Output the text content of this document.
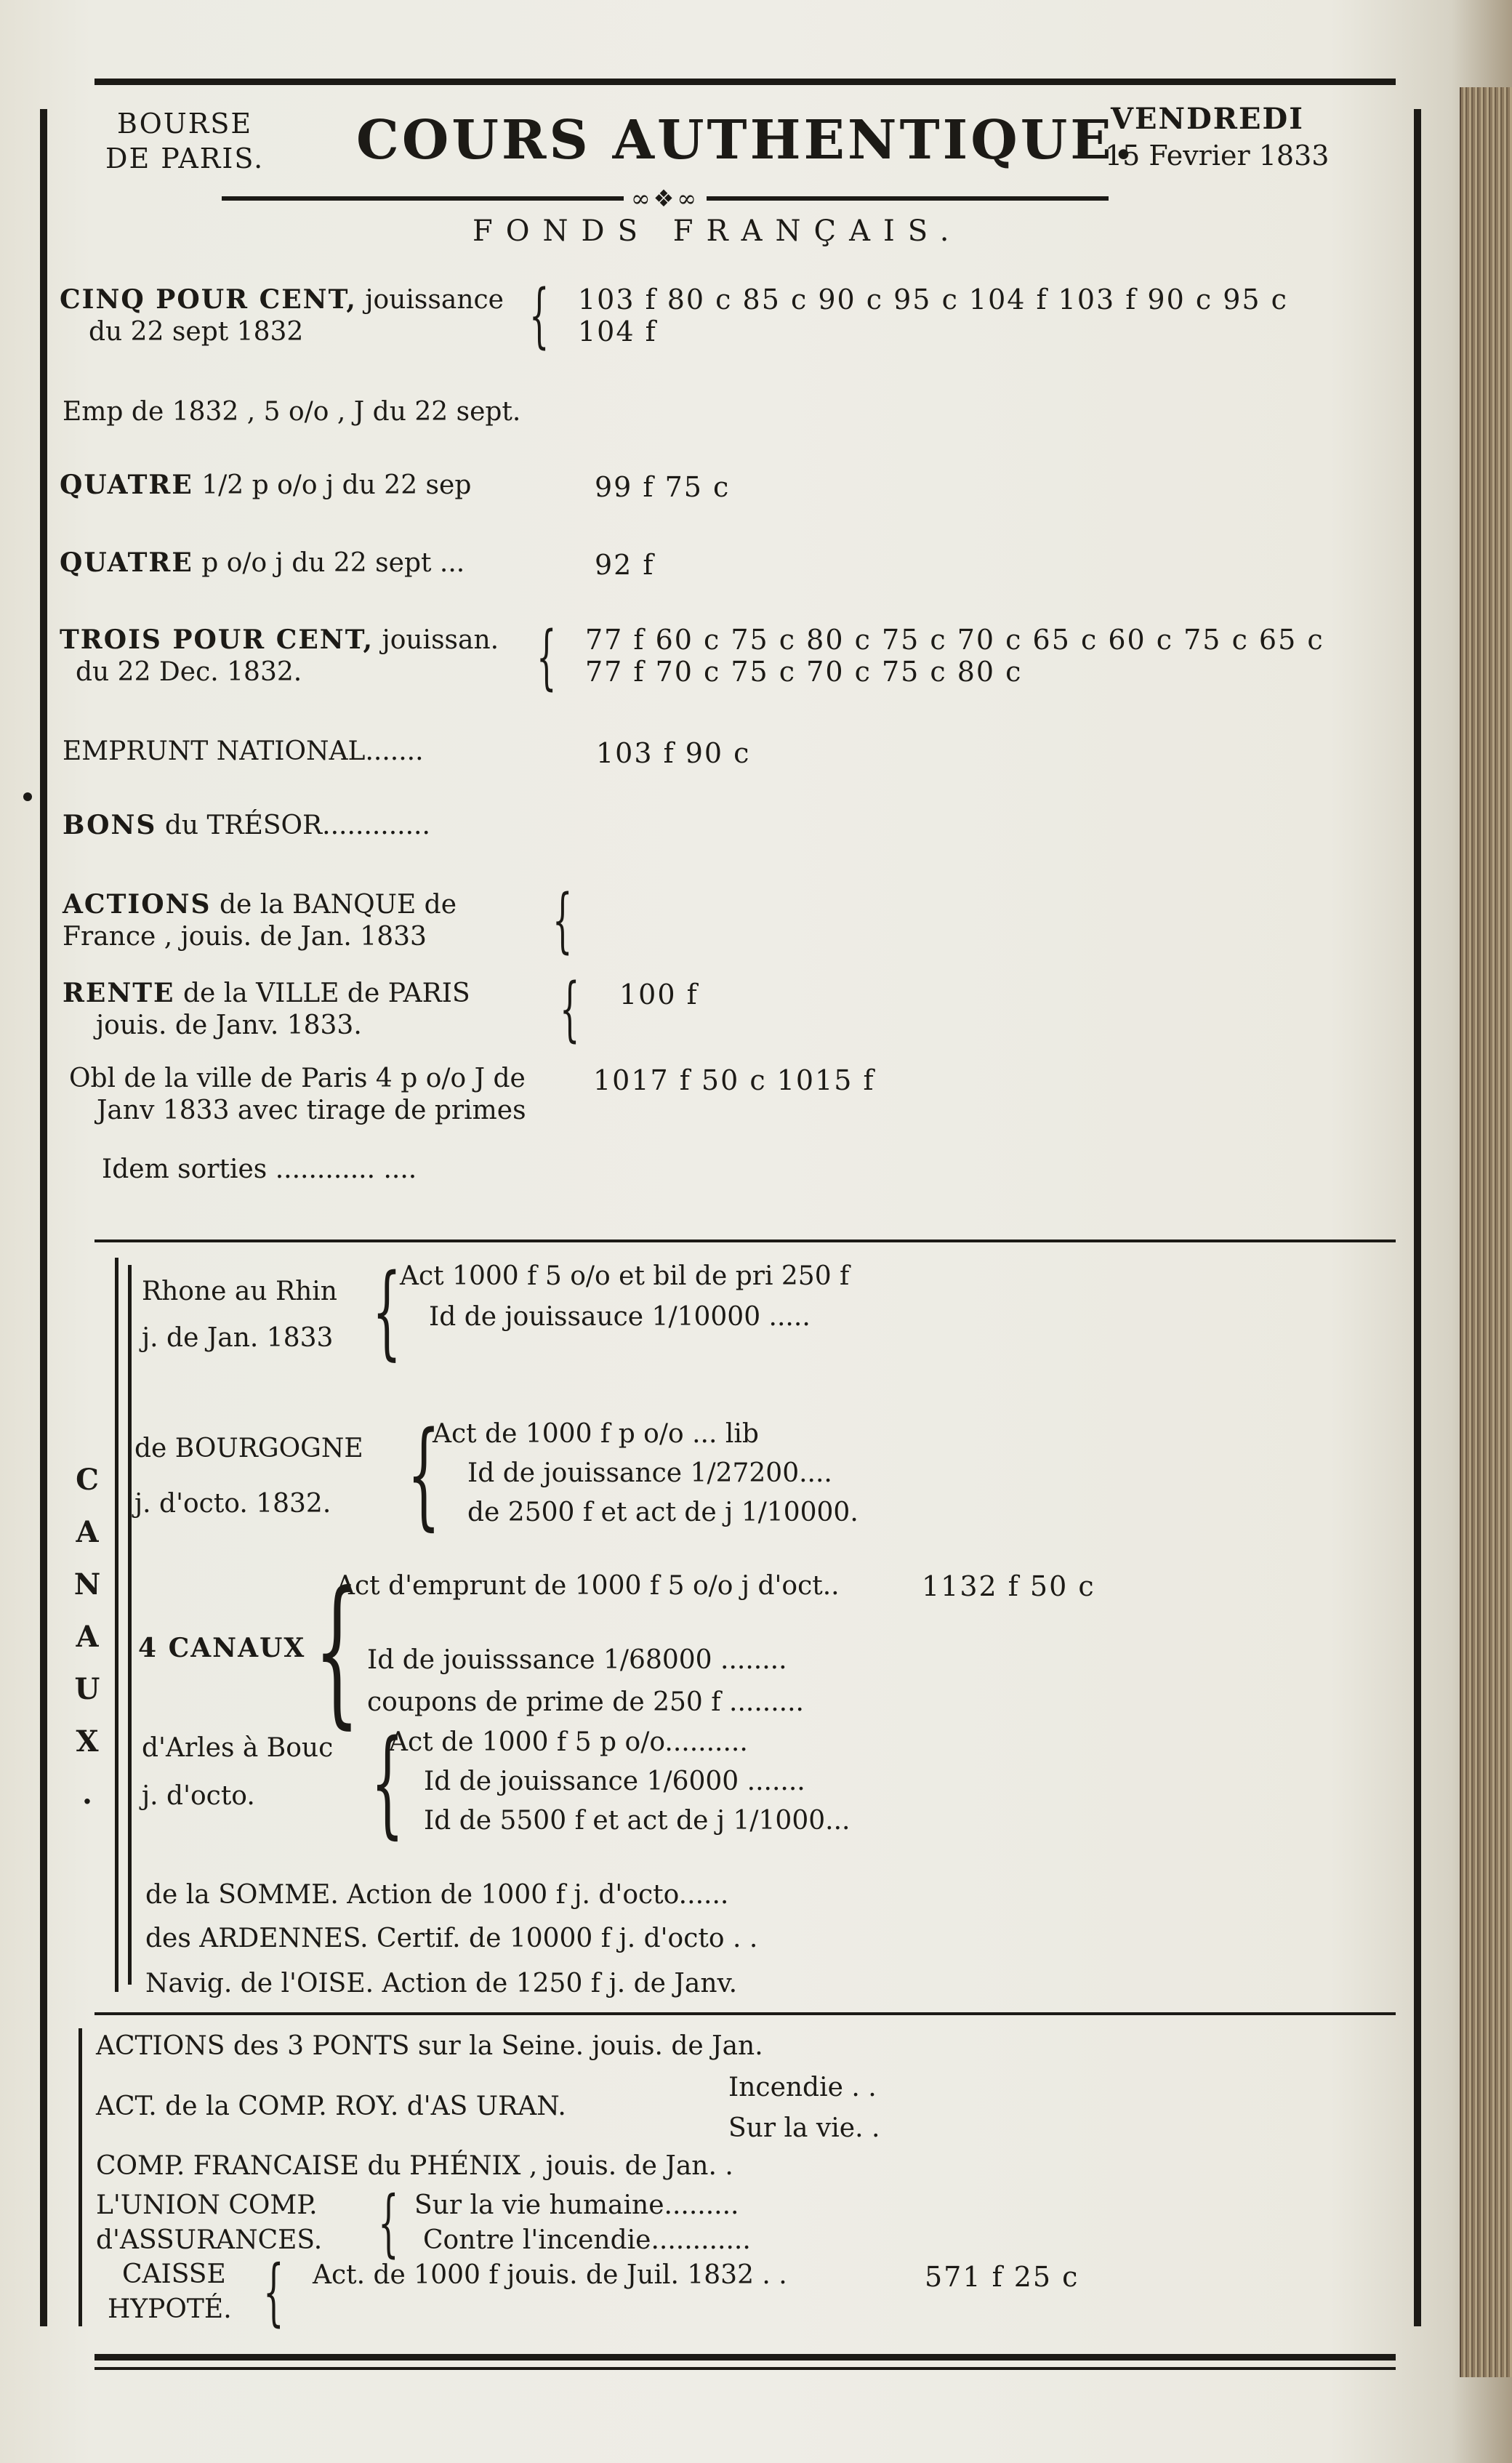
BOURSE
DE PARIS. COURS AUTHENTIQUE.
VENDREDI
15 Fevrier 1833
∞❖∞
FONDS FRANÇAIS.
CINQ POUR CENT, jouissance
du 22 sept 1832	{ 103 f 80 c 85 c 90 c 95 c 104 f 103 f 90 c 95 c
104 f
Emp de 1832 , 5 o/o , J du 22 sept.
QUATRE 1/2 p o/o j du 22 sep	99 f 75 c
QUATRE p o/o j du 22 sept ...	92 f
TROIS POUR CENT, jouissan.
du 22 Dec. 1832.	{ 77 f 60 c 75 c 80 c 75 c 70 c 65 c 60 c 75 c 65 c
77 f 70 c 75 c 70 c 75 c 80 c
EMPRUNT NATIONAL.......	103 f 90 c
BONS du TRÉSOR.............
ACTIONS de la BANQUE de
France , jouis. de Jan. 1833	{
RENTE de la VILLE de PARIS
jouis. de Janv. 1833.	{ 100 f
Obl de la ville de Paris 4 p o/o J de
Janv 1833 avec tirage de primes
1017 f 50 c 1015 f
Idem sorties ............ ....
C
A
N
A
U
X
.
Rhone au Rhin
j. de Jan. 1833 {
Act 1000 f 5 o/o et bil de pri 250 f
Id de jouissauce 1/10000 .....
de BOURGOGNE
j. d'octo. 1832. {
Act de 1000 f p o/o ... lib
Id de jouissance 1/27200....
de 2500 f et act de j 1/10000.
4 CANAUX {
Act d'emprunt de 1000 f 5 o/o j d'oct..	1132 f 50 c
Id de jouisssance 1/68000 ........
coupons de prime de 250 f .........
d'Arles à Bouc
j. d'octo. {
Act de 1000 f 5 p o/o..........
Id de jouissance 1/6000 .......
Id de 5500 f et act de j 1/1000...
de la SOMME. Action de 1000 f j. d'octo......
des ARDENNES. Certif. de 10000 f j. d'octo . .
Navig. de l'OISE. Action de 1250 f j. de Janv.
ACTIONS des 3 PONTS sur la Seine. jouis. de Jan.
ACT. de la COMP. ROY. d'AS URAN.
Incendie . .
Sur la vie. .
COMP. FRANCAISE du PHÉNIX , jouis. de Jan. .
L'UNION COMP.
d'ASSURANCES. { Sur la vie humaine.........
Contre l'incendie............
CAISSE
HYPOTÉ. { Act. de 1000 f jouis. de Juil. 1832 . .	571 f 25 c
